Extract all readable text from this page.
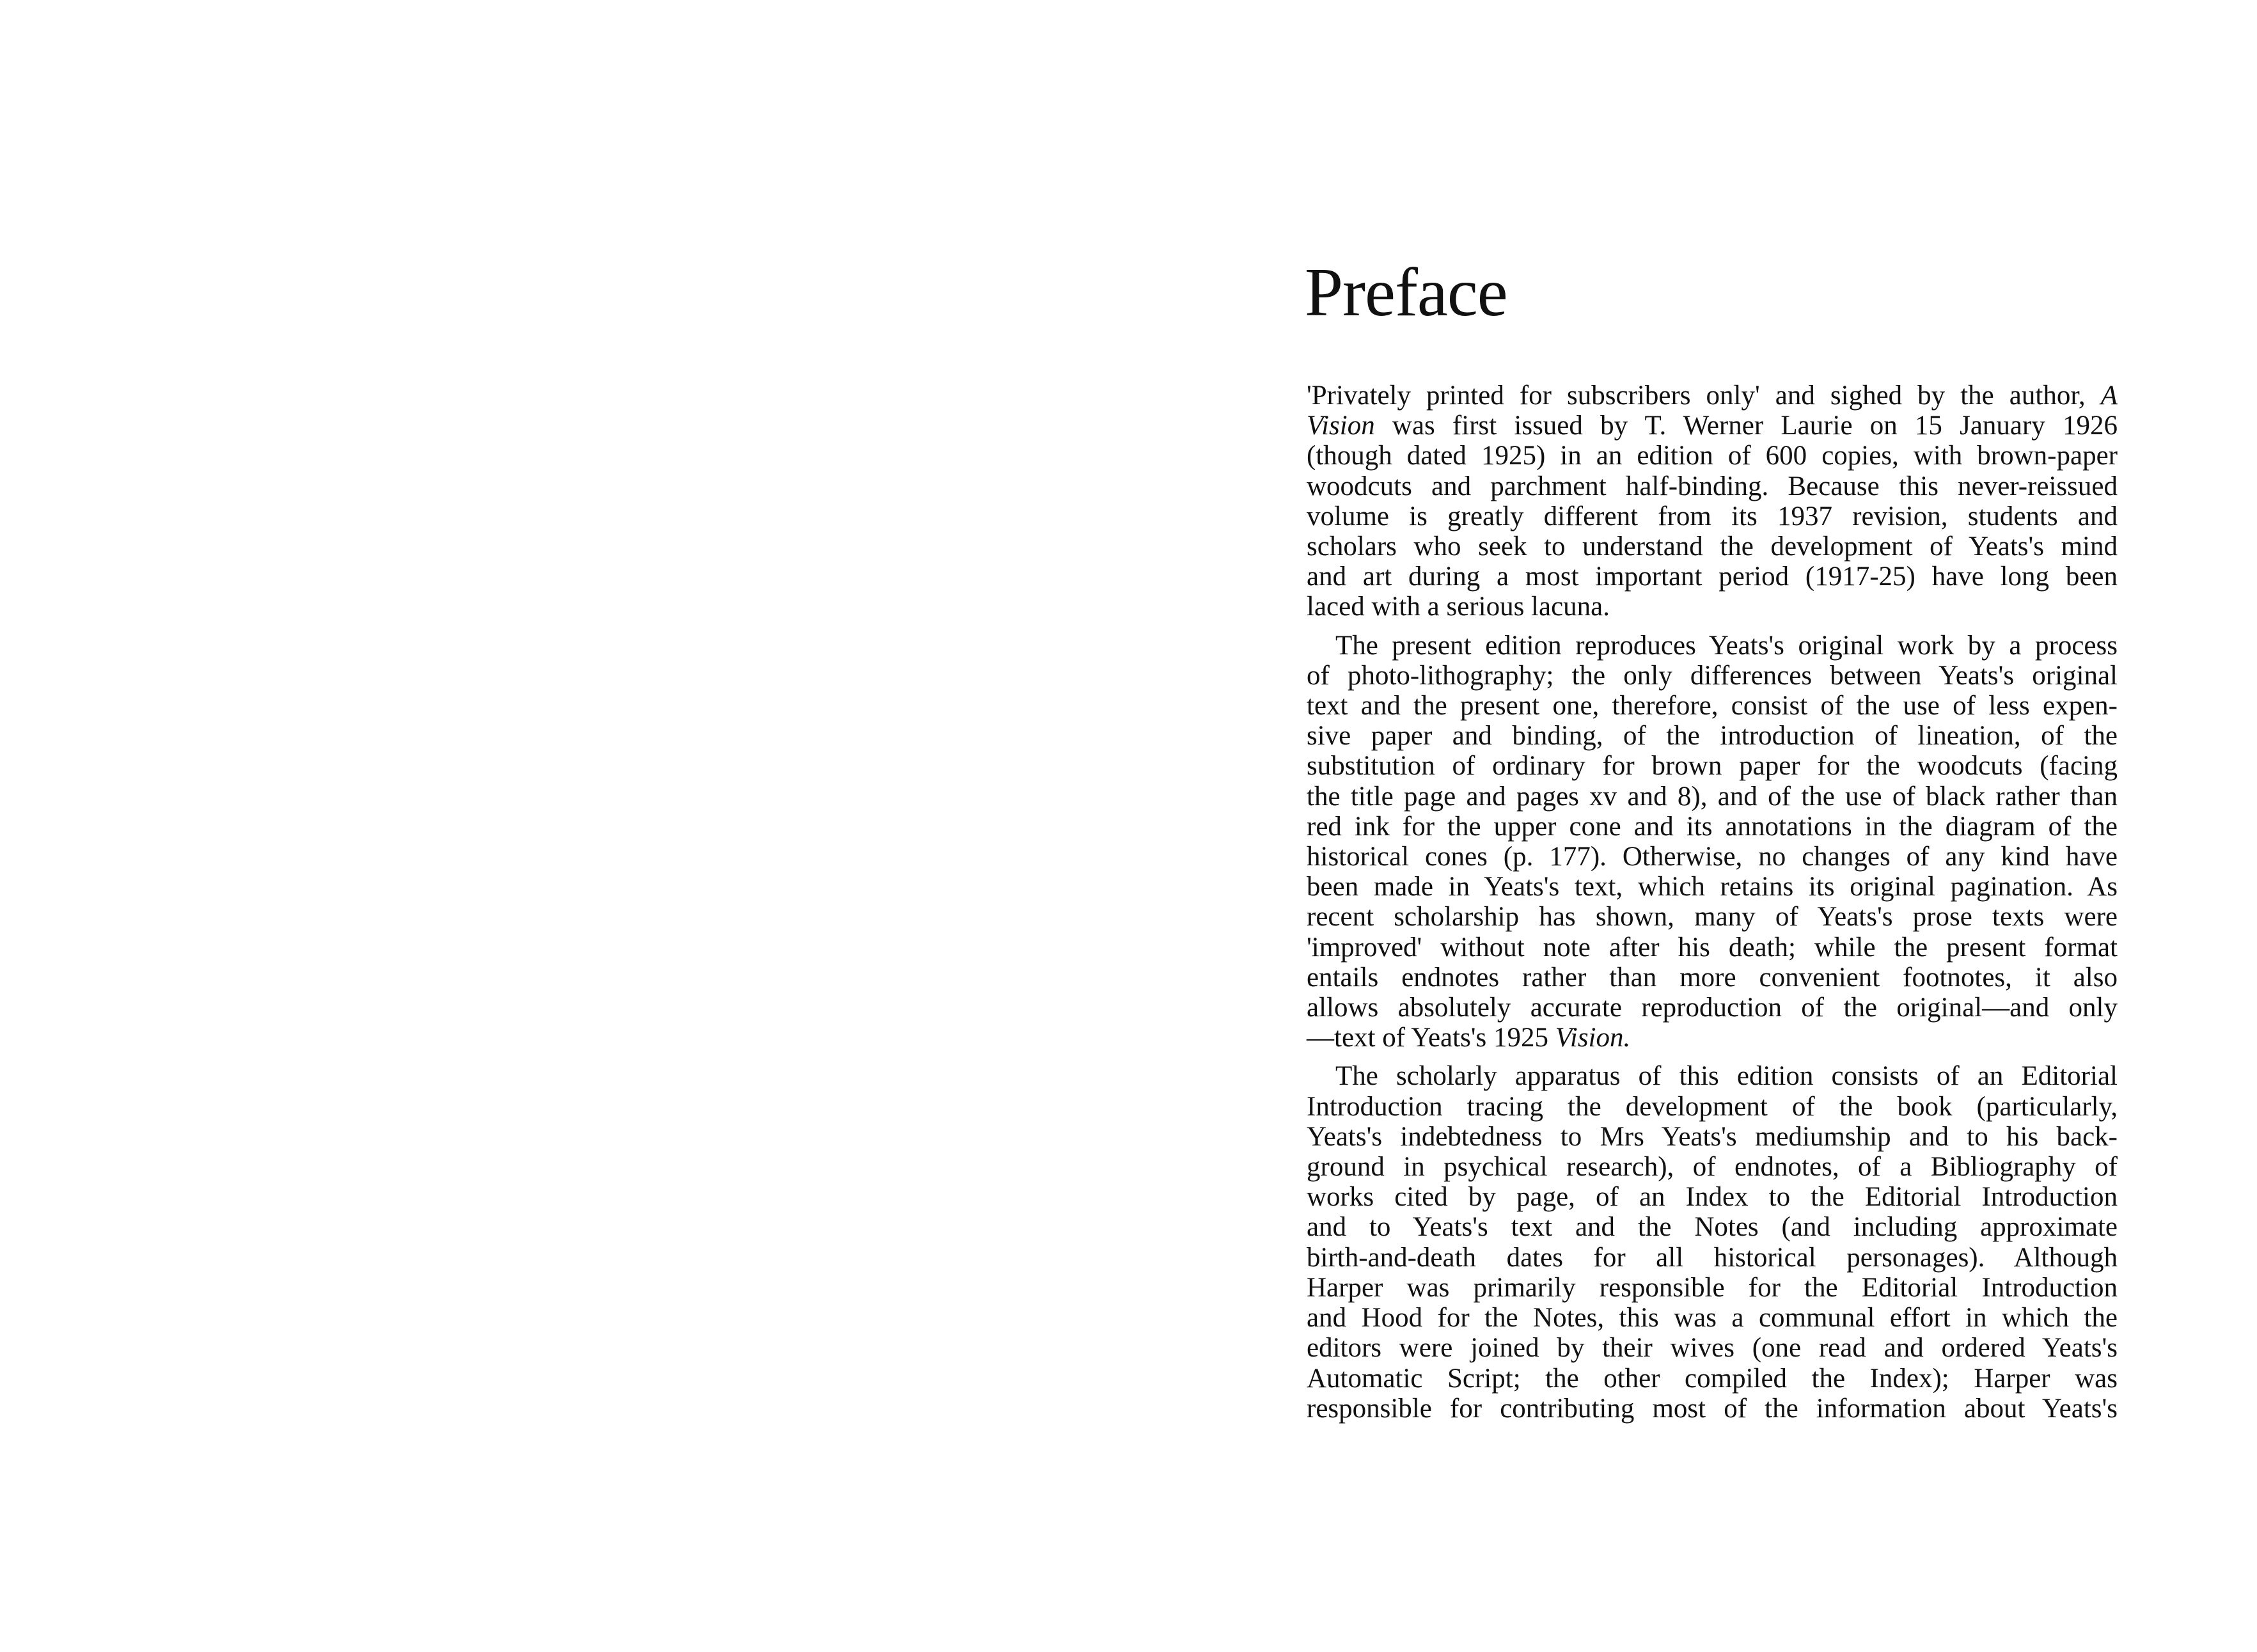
Preface
'Privately printed for subscribers only' and sighed by the author, A
Vision was first issued by T. Werner Laurie on 15 January 1926
(though dated 1925) in an edition of 600 copies, with brown-paper
woodcuts and parchment half-binding. Because this never-reissued
volume is greatly different from its 1937 revision, students and
scholars who seek to understand the development of Yeats's mind
and art during a most important period (1917-25) have long been
laced with a serious lacuna.
The present edition reproduces Yeats's original work by a process
of photo-lithography; the only differences between Yeats's original
text and the present one, therefore, consist of the use of less expen-
sive paper and binding, of the introduction of lineation, of the
substitution of ordinary for brown paper for the woodcuts (facing
the title page and pages xv and 8), and of the use of black rather than
red ink for the upper cone and its annotations in the diagram of the
historical cones (p. 177). Otherwise, no changes of any kind have
been made in Yeats's text, which retains its original pagination. As
recent scholarship has shown, many of Yeats's prose texts were
'improved' without note after his death; while the present format
entails endnotes rather than more convenient footnotes, it also
allows absolutely accurate reproduction of the original—and only
—text of Yeats's 1925 Vision.
The scholarly apparatus of this edition consists of an Editorial
Introduction tracing the development of the book (particularly,
Yeats's indebtedness to Mrs Yeats's mediumship and to his back-
ground in psychical research), of endnotes, of a Bibliography of
works cited by page, of an Index to the Editorial Introduction
and to Yeats's text and the Notes (and including approximate
birth-and-death dates for all historical personages). Although
Harper was primarily responsible for the Editorial Introduction
and Hood for the Notes, this was a communal effort in which the
editors were joined by their wives (one read and ordered Yeats's
Automatic Script; the other compiled the Index); Harper was
responsible for contributing most of the information about Yeats's
